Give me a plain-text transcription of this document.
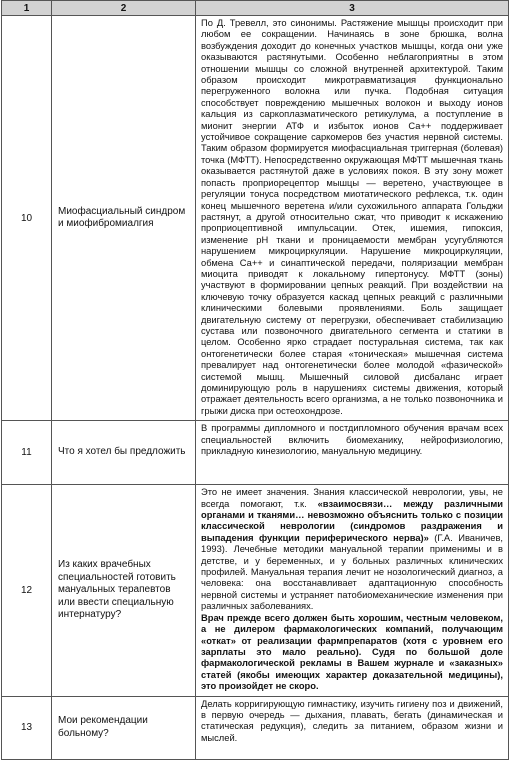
1	2	3
10	Миофасциальный синдром и миофибромиалгия	По Д. Тревелл, это синонимы. Растяжение мышцы происходит при любом ее сокращении. Начинаясь в зоне брюшка, волна возбуждения доходит до конечных участков мышцы, когда они уже оказываются растянутыми. Особенно неблагоприятны в этом отношении мышцы со сложной внутренней архитектурой. Таким образом происходит микротравматизация функционально перегруженного волокна или пучка. Подобная ситуация способствует повреждению мышечных волокон и выходу ионов кальция из саркоплазматического ретикулума, а поступление в мионит энергии АТФ и избыток ионов Са++ поддерживает устойчивое сокращение саркомеров без участия нервной системы. Таким образом формируется миофасциальная триггерная (болевая) точка (МФТТ). Непосредственно окружающая МФТТ мышечная ткань оказывается растянутой даже в условиях покоя. В эту зону может попасть проприорецептор мышцы — веретено, участвующее в регуляции тонуса посредством миотатического рефлекса, т.к. один конец мышечного веретена и/или сухожильного аппарата Гольджи растянут, а другой относительно сжат, что приводит к искажению проприоцептивной импульсации. Отек, ишемия, гипоксия, изменение рН ткани и проницаемости мембран усугубляются нарушением микроциркуляции. Нарушение микроциркуляции, обмена Са++ и синаптической передачи, поляризации мембран миоцита приводят к локальному гипертонусу. МФТТ (зоны) участвуют в формировании цепных реакций. При воздействии на ключевую точку образуется каскад цепных реакций с различными клиническими болевыми проявлениями. Боль защищает двигательную систему от перегрузки, обеспечивает стабилизацию сустава или позвоночного двигательного сегмента и статики в целом. Особенно ярко страдает постуральная система, так как онтогенетически более старая «тоническая» мышечная система превалирует над онтогенетически более молодой «фазической» системой мышц. Мышечный силовой дисбаланс играет доминирующую роль в нарушениях системы движения, который отражает деятельность всего организма, а не только позвоночника и грыжи диска при остеохондрозе.
11	Что я хотел бы предложить	В программы дипломного и постдипломного обучения врачам всех специальностей включить биомеханику, нейрофизиологию, прикладную кинезиологию, мануальную медицину.
12	Из каких врачебных специальностей готовить мануальных терапевтов или ввести специальную интернатуру?	Это не имеет значения. Знания классической неврологии, увы, не всегда помогают, т.к. «взаимосвязи… между различными органами и тканями… невозможно объяснить только с позиции классической неврологии (синдромов раздражения и выпадения функции периферического нерва)» (Г.А. Иваничев, 1993). Лечебные методики мануальной терапии применимы и в детстве, и у беременных, и у больных различных клинических профилей. Мануальная терапия лечит не нозологический диагноз, а человека: она восстанавливает адаптационную способность нервной системы и устраняет патобиомеханические изменения при различных заболеваниях.

Врач прежде всего должен быть хорошим, честным человеком, а не дилером фармакологических компаний, получающим «откат» от реализации фармпрепаратов (хотя с уровнем его зарплаты это мало реально). Судя по большой доле фармакологической рекламы в Вашем журнале и «заказных» статей (якобы имеющих характер доказательной медицины), это произойдет не скоро.

13	Мои рекомендации больному?	Делать корригирующую гимнастику, изучить гигиену поз и движений, в первую очередь — дыхания, плавать, бегать (динамическая и статическая редукция), следить за питанием, образом жизни и мыслей.
